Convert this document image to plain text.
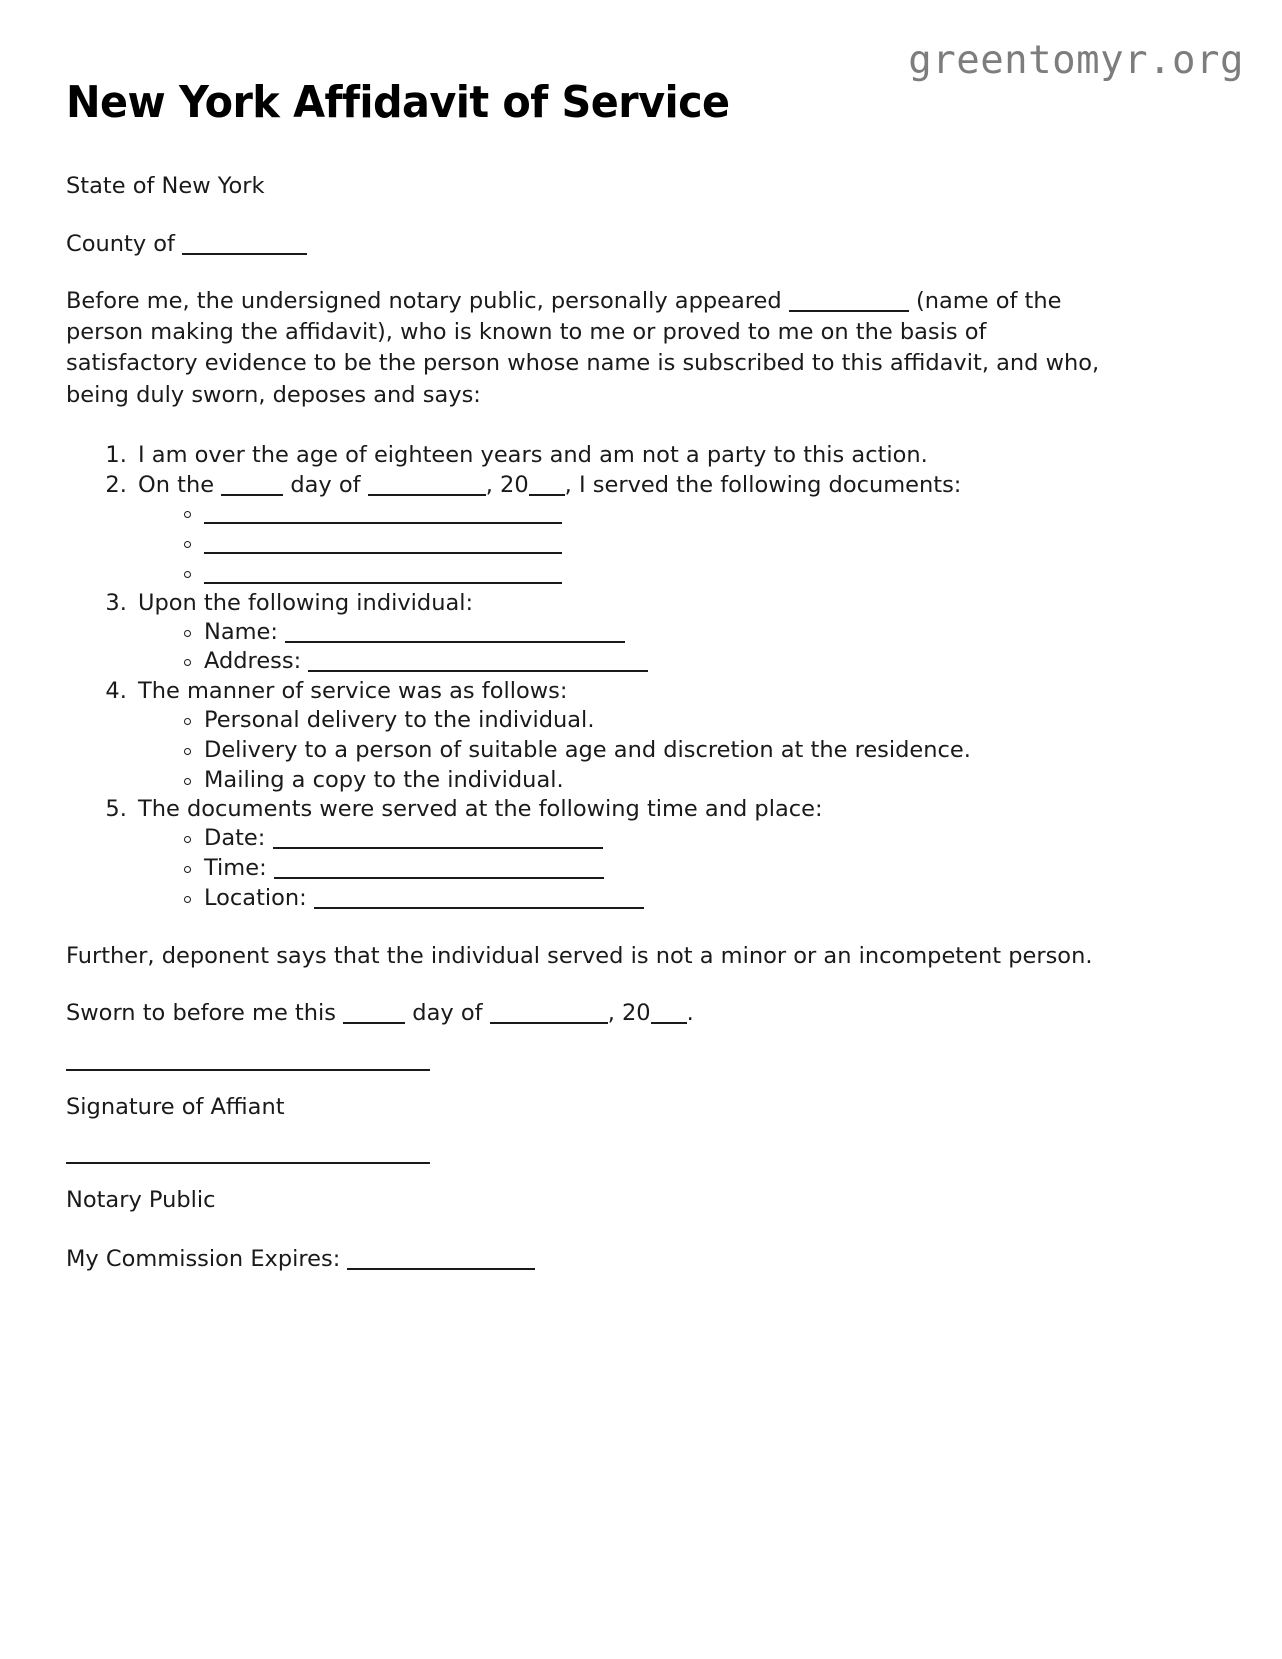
greentomyr.org
New York Affidavit of Service

State of New York

County of

Before me, the undersigned notary public, personally appeared	(name of the person making the affidavit), who is known to me or proved to me on the basis of satisfactory evidence to be the person whose name is subscribed to this affidavit, and who, being duly sworn, deposes and says:

1. I am over the age of eighteen years and am not a party to this action.
2. On the	day of	, 20 , I served the following documents:
3. Upon the following individual:
Name:
Address:
4. The manner of service was as follows:
Personal delivery to the individual.
Delivery to a person of suitable age and discretion at the residence.
Mailing a copy to the individual.
5. The documents were served at the following time and place:
Date:
Time:
Location:

Further, deponent says that the individual served is not a minor or an incompetent person.

Sworn to before me this	day of	, 20 .

Signature of Affiant

Notary Public

My Commission Expires:
